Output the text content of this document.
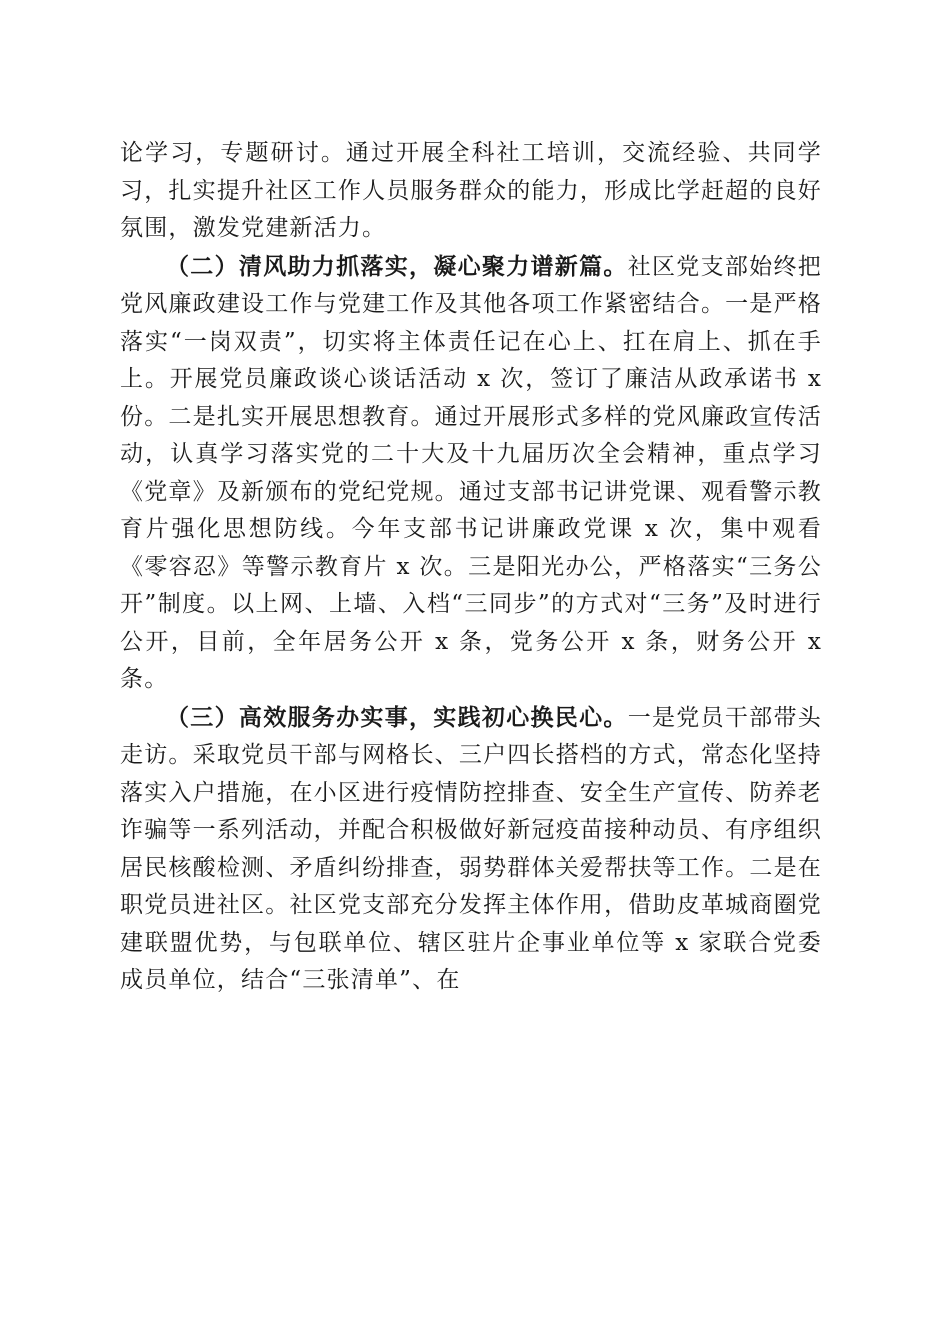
论学习，专题研讨。通过开展全科社工培训，交流经验、共同学习，扎实提升社区工作人员服务群众的能力，形成比学赶超的良好氛围，激发党建新活力。

（二）清风助力抓落实，凝心聚力谱新篇。社区党支部始终把党风廉政建设工作与党建工作及其他各项工作紧密结合。一是严格落实“一岗双责”，切实将主体责任记在心上、扛在肩上、抓在手上。开展党员廉政谈心谈话活动 x 次，签订了廉洁从政承诺书 x 份。二是扎实开展思想教育。通过开展形式多样的党风廉政宣传活动，认真学习落实党的二十大及十九届历次全会精神，重点学习《党章》及新颁布的党纪党规。通过支部书记讲党课、观看警示教育片强化思想防线。今年支部书记讲廉政党课 x 次，集中观看《零容忍》等警示教育片 x 次。三是阳光办公，严格落实“三务公开”制度。以上网、上墙、入档“三同步”的方式对“三务”及时进行公开，目前，全年居务公开 x 条，党务公开 x 条，财务公开 x 条。

（三）高效服务办实事，实践初心换民心。一是党员干部带头走访。采取党员干部与网格长、三户四长搭档的方式，常态化坚持落实入户措施，在小区进行疫情防控排查、安全生产宣传、防养老诈骗等一系列活动，并配合积极做好新冠疫苗接种动员、有序组织居民核酸检测、矛盾纠纷排查，弱势群体关爱帮扶等工作。二是在职党员进社区。社区党支部充分发挥主体作用，借助皮革城商圈党建联盟优势，与包联单位、辖区驻片企事业单位等 x 家联合党委成员单位，结合“三张清单”、在
